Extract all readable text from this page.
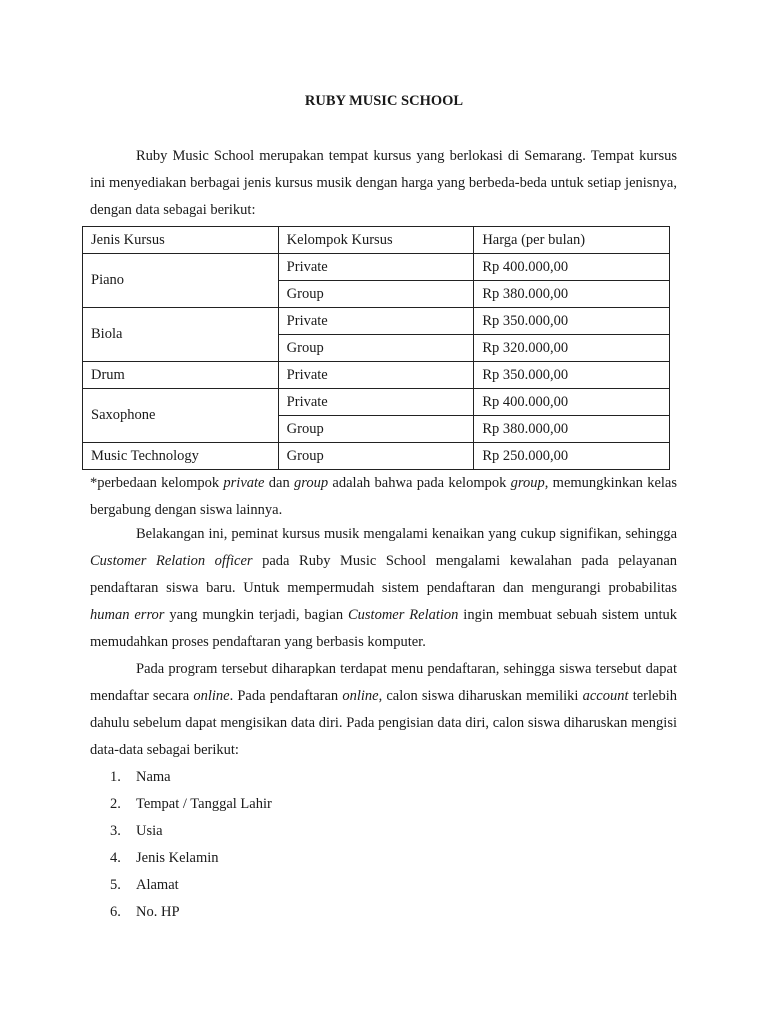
RUBY MUSIC SCHOOL

Ruby Music School merupakan tempat kursus yang berlokasi di Semarang. Tempat kursus ini menyediakan berbagai jenis kursus musik dengan harga yang berbeda-beda untuk setiap jenisnya, dengan data sebagai berikut:

Jenis Kursus	Kelompok Kursus	Harga (per bulan)
Piano	Private	Rp 400.000,00
	Group	Rp 380.000,00
Biola	Private	Rp 350.000,00
	Group	Rp 320.000,00
Drum	Private	Rp 350.000,00
Saxophone	Private	Rp 400.000,00
	Group	Rp 380.000,00
Music Technology	Group	Rp 250.000,00

*perbedaan kelompok private dan group adalah bahwa pada kelompok group, memungkinkan kelas bergabung dengan siswa lainnya.

Belakangan ini, peminat kursus musik mengalami kenaikan yang cukup signifikan, sehingga Customer Relation officer pada Ruby Music School mengalami kewalahan pada pelayanan pendaftaran siswa baru. Untuk mempermudah sistem pendaftaran dan mengurangi probabilitas human error yang mungkin terjadi, bagian Customer Relation ingin membuat sebuah sistem untuk memudahkan proses pendaftaran yang berbasis komputer.

Pada program tersebut diharapkan terdapat menu pendaftaran, sehingga siswa tersebut dapat mendaftar secara online. Pada pendaftaran online, calon siswa diharuskan memiliki account terlebih dahulu sebelum dapat mengisikan data diri. Pada pengisian data diri, calon siswa diharuskan mengisi data-data sebagai berikut:

1.	Nama
2.	Tempat / Tanggal Lahir
3.	Usia
4.	Jenis Kelamin
5.	Alamat
6.	No. HP
